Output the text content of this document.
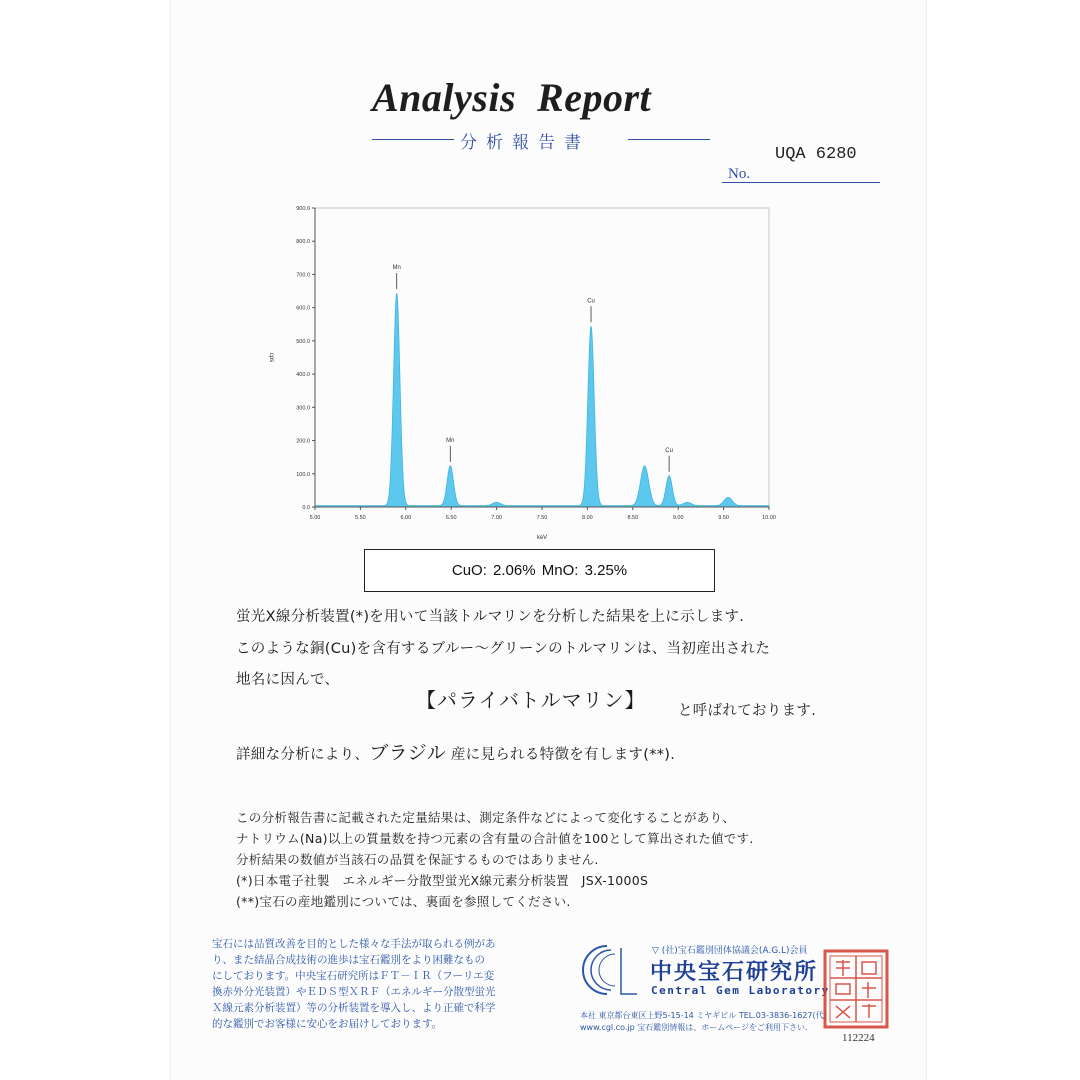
Analysis  Report
分析報告書
UQA 6280
No.
0.0
100.0
200.0
300.0
400.0
500.0
600.0
700.0
800.0
900.0
5.00	5.50	6.00	6.50	7.00	7.50	8.00	8.50	9.00	9.50	10.00
keV
cps
Mn
Mn
Cu
Cu
CuO: 2.06% MnO: 3.25%
蛍光X線分析装置(*)を用いて当該トルマリンを分析した結果を上に示します.
このような銅(Cu)を含有するブルー～グリーンのトルマリンは、当初産出された
地名に因んで、
【パライバトルマリン】 と呼ばれております.
詳細な分析により、ブラジル 産に見られる特徴を有します(**).
この分析報告書に記載された定量結果は、測定条件などによって変化することがあり、
ナトリウム(Na)以上の質量数を持つ元素の含有量の合計値を100として算出された値です.
分析結果の数値が当該石の品質を保証するものではありません.
(*)日本電子社製　エネルギー分散型蛍光X線元素分析装置　JSX-1000S
(**)宝石の産地鑑別については、裏面を参照してください.
宝石には品質改善を目的とした様々な手法が取られる例があ
り、また結晶合成技術の進歩は宝石鑑別をより困難なもの
にしております。中央宝石研究所はＦＴ－ＩＲ（フーリエ変
換赤外分光装置）やＥＤＳ型ＸＲＦ（エネルギー分散型蛍光
Ｘ線元素分析装置）等の分析装置を導入し、より正確で科学
的な鑑別でお客様に安心をお届けしております。
▽ (社)宝石鑑別団体協議会(A.G.L)会員
中央宝石研究所
Central Gem Laboratory
本社 東京都台東区上野5-15-14 ミヤギビル TEL.03-3836-1627(代)
www.cgl.co.jp 宝石鑑別情報は、ホームページをご利用下さい.
112224
